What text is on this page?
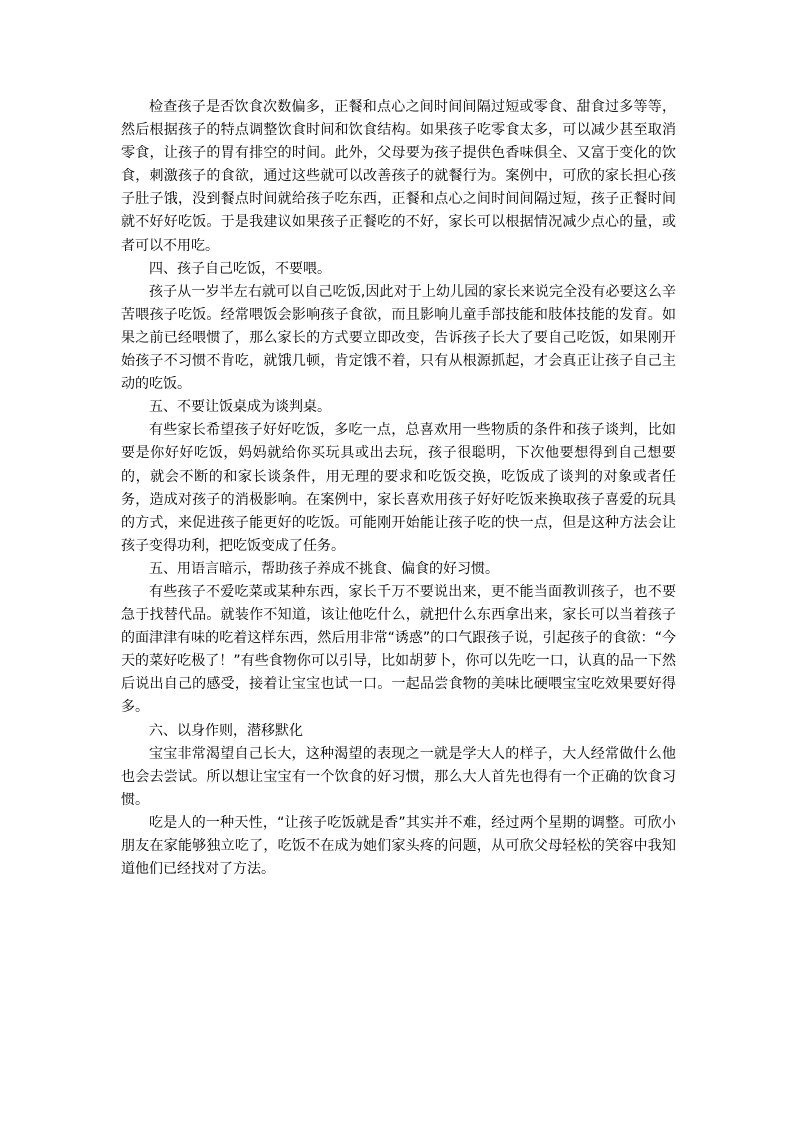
检查孩子是否饮食次数偏多，正餐和点心之间时间间隔过短或零食、甜食过多等等，然后根据孩子的特点调整饮食时间和饮食结构。如果孩子吃零食太多，可以减少甚至取消零食，让孩子的胃有排空的时间。此外，父母要为孩子提供色香味俱全、又富于变化的饮食，刺激孩子的食欲，通过这些就可以改善孩子的就餐行为。案例中，可欣的家长担心孩子肚子饿，没到餐点时间就给孩子吃东西，正餐和点心之间时间间隔过短，孩子正餐时间就不好好吃饭。于是我建议如果孩子正餐吃的不好，家长可以根据情况减少点心的量，或者可以不用吃。

四、孩子自己吃饭，不要喂。

孩子从一岁半左右就可以自己吃饭,因此对于上幼儿园的家长来说完全没有必要这么辛苦喂孩子吃饭。经常喂饭会影响孩子食欲，而且影响儿童手部技能和肢体技能的发育。如果之前已经喂惯了，那么家长的方式要立即改变，告诉孩子长大了要自己吃饭，如果刚开始孩子不习惯不肯吃，就饿几顿，肯定饿不着，只有从根源抓起，才会真正让孩子自己主动的吃饭。

五、不要让饭桌成为谈判桌。

有些家长希望孩子好好吃饭，多吃一点，总喜欢用一些物质的条件和孩子谈判，比如要是你好好吃饭，妈妈就给你买玩具或出去玩，孩子很聪明，下次他要想得到自己想要的，就会不断的和家长谈条件，用无理的要求和吃饭交换，吃饭成了谈判的对象或者任务，造成对孩子的消极影响。在案例中，家长喜欢用孩子好好吃饭来换取孩子喜爱的玩具的方式，来促进孩子能更好的吃饭。可能刚开始能让孩子吃的快一点，但是这种方法会让孩子变得功利，把吃饭变成了任务。

五、用语言暗示，帮助孩子养成不挑食、偏食的好习惯。

有些孩子不爱吃菜或某种东西，家长千万不要说出来，更不能当面教训孩子，也不要急于找替代品。就装作不知道，该让他吃什么，就把什么东西拿出来，家长可以当着孩子的面津津有味的吃着这样东西，然后用非常“诱惑”的口气跟孩子说，引起孩子的食欲：“今天的菜好吃极了！”有些食物你可以引导，比如胡萝卜，你可以先吃一口，认真的品一下然后说出自己的感受，接着让宝宝也试一口。一起品尝食物的美味比硬喂宝宝吃效果要好得多。

六、以身作则，潜移默化

宝宝非常渴望自己长大，这种渴望的表现之一就是学大人的样子，大人经常做什么他也会去尝试。所以想让宝宝有一个饮食的好习惯，那么大人首先也得有一个正确的饮食习惯。

吃是人的一种天性，“让孩子吃饭就是香”其实并不难，经过两个星期的调整。可欣小朋友在家能够独立吃了，吃饭不在成为她们家头疼的问题，从可欣父母轻松的笑容中我知道他们已经找对了方法。
